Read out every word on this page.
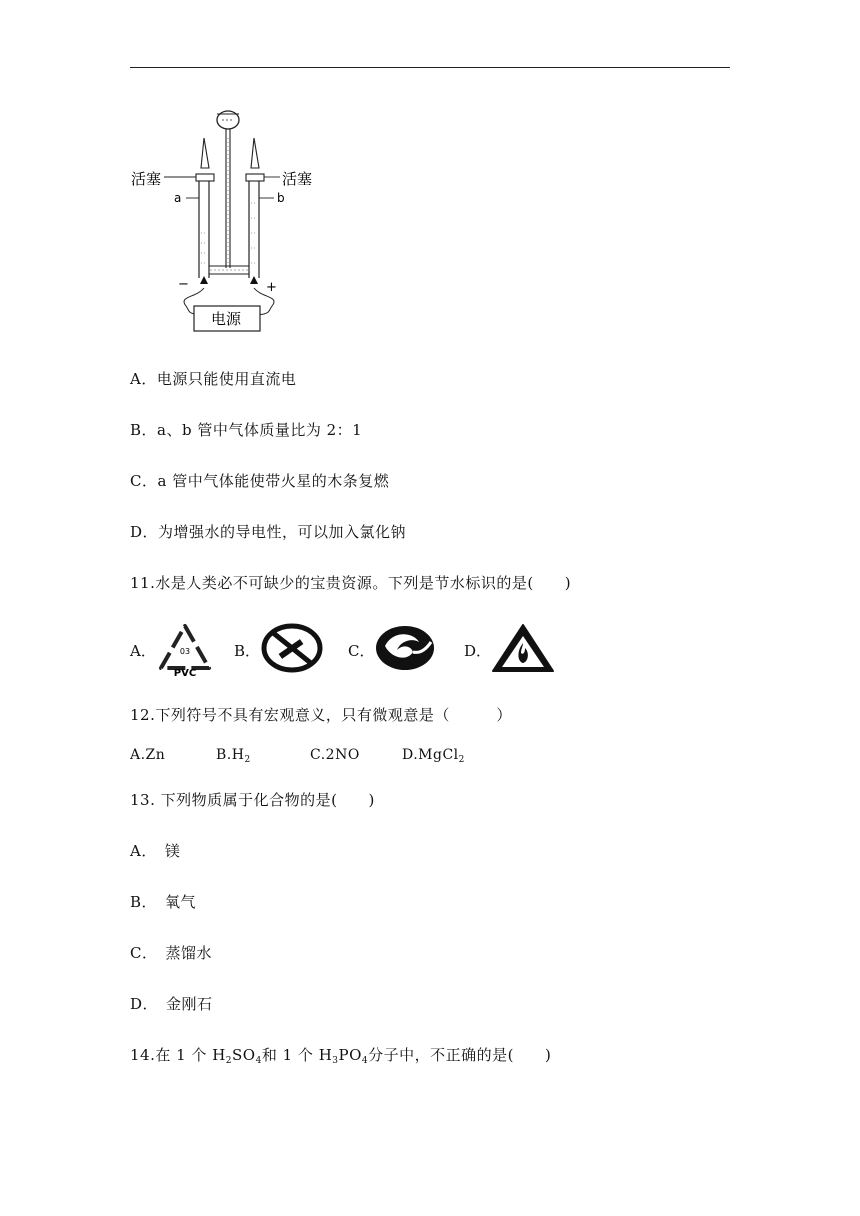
活塞	活塞
a	b
−	+
电源
A．电源只能使用直流电
B．a、b 管中气体质量比为 2：1
C．a 管中气体能使带火星的木条复燃
D．为增强水的导电性，可以加入氯化钠
11.水是人类必不可缺少的宝贵资源。下列是节水标识的是(　　)
A．	03
PVC
B．	C．	D．
12.下列符号不具有宏观意义，只有微观意是（　　　）
A.Zn	B.H2	C.2NO	D.MgCl2
13. 下列物质属于化合物的是(　　)
A．　镁
B．　氧气
C．　蒸馏水
D．　金刚石
14.在 1 个 $H_2SO_4$和 1 个 $H_3PO_4$分子中，不正确的是(　　)
